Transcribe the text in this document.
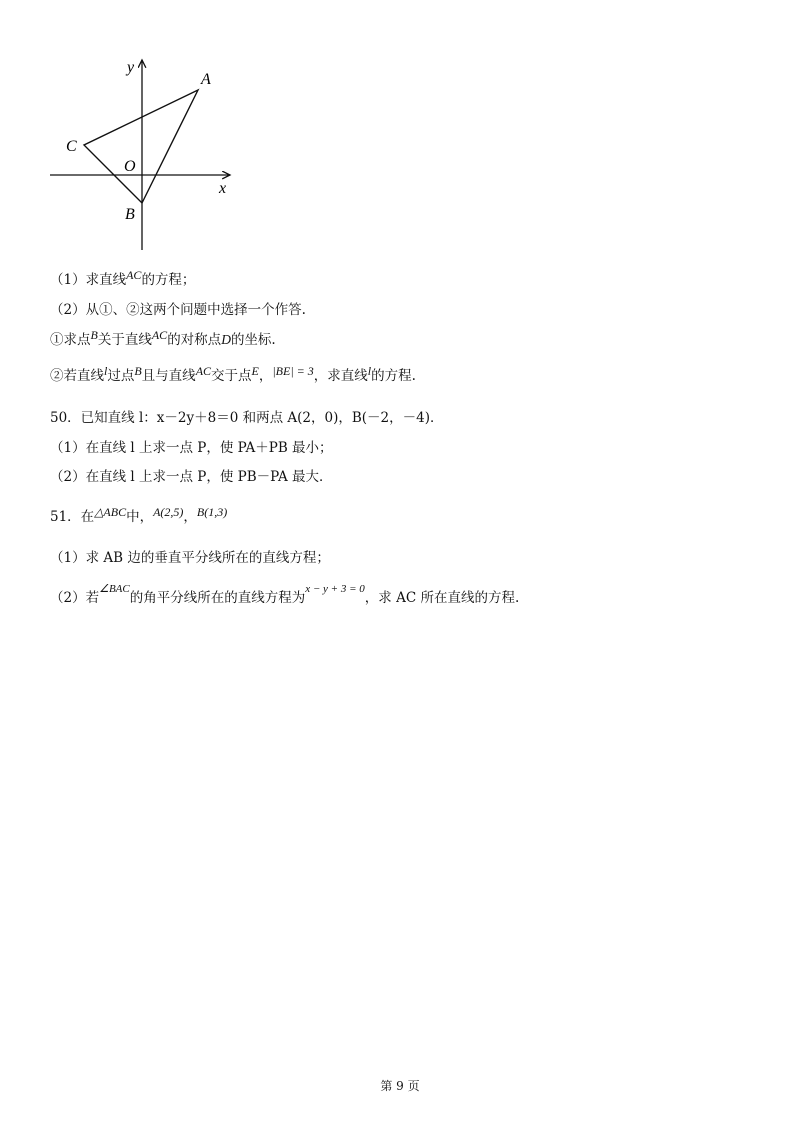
y
x
O
A
B
C
（1）求直线AC的方程；
（2）从①、②这两个问题中选择一个作答.
①求点B关于直线AC的对称点D的坐标.
②若直线l过点B且与直线AC交于点E，|BE| = 3，求直线l的方程.
50．已知直线 l：x－2y＋8＝0 和两点 A(2，0)，B(－2，－4)．
（1）在直线 l 上求一点 P，使 PA＋PB 最小；
（2）在直线 l 上求一点 P，使 PB－PA 最大．
51．在△ABC中，A(2,5)，B(1,3)
（1）求 AB 边的垂直平分线所在的直线方程；
（2）若$^{\angle BAC}$的角平分线所在的直线方程为$^{x - y + 3 = 0}$，求 AC 所在直线的方程.
第 9 页
